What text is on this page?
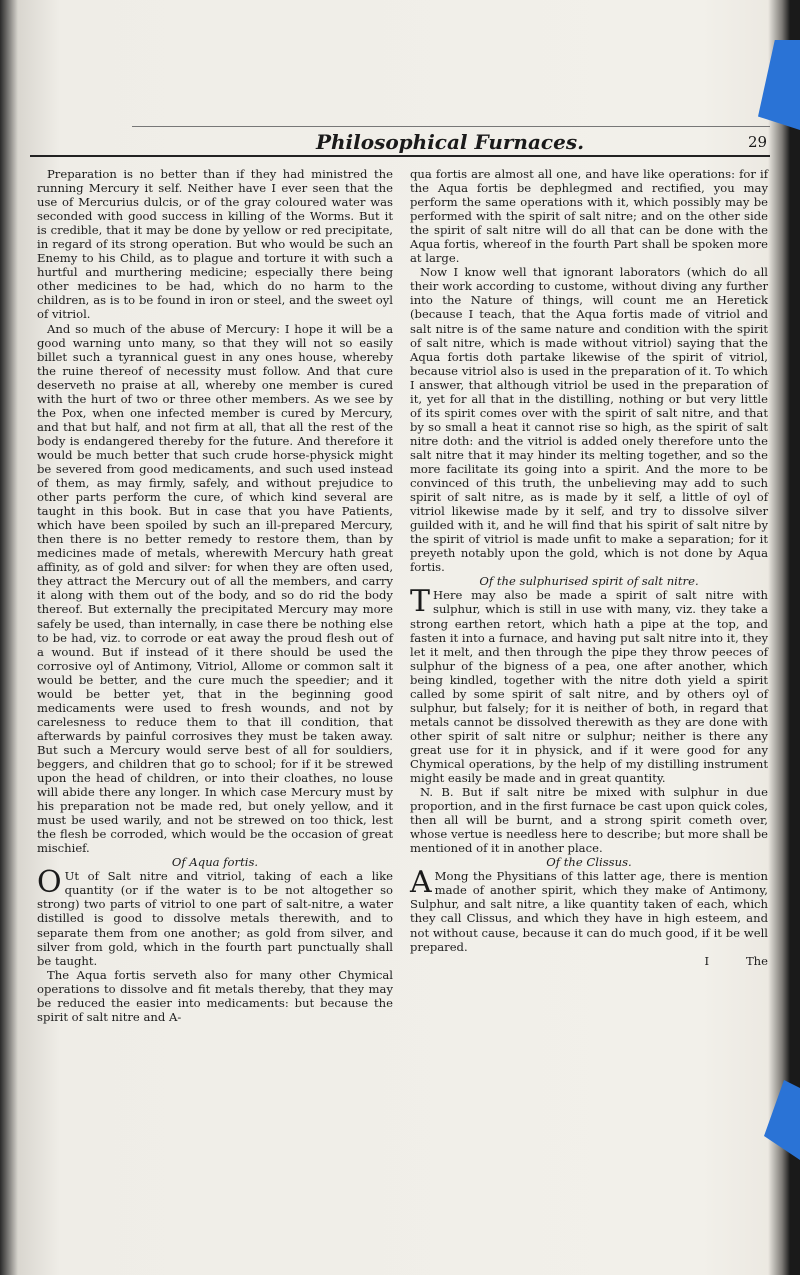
Philosophical Furnaces.	29

Preparation is no better than if they had ministred the running Mercury it self. Neither have I ever seen that the use of Mercurius dulcis, or of the gray coloured water was seconded with good success in killing of the Worms. But it is credible, that it may be done by yellow or red precipitate, in regard of its strong operation. But who would be such an Enemy to his Child, as to plague and torture it with such a hurtful and murthering medicine; especially there being other medicines to be had, which do no harm to the children, as is to be found in iron or steel, and the sweet oyl of vitriol.

And so much of the abuse of Mercury: I hope it will be a good warning unto many, so that they will not so easily billet such a tyrannical guest in any ones house, whereby the ruine thereof of necessity must follow. And that cure deserveth no praise at all, whereby one member is cured with the hurt of two or three other members. As we see by the Pox, when one infected member is cured by Mercury, and that but half, and not firm at all, that all the rest of the body is endangered thereby for the future. And therefore it would be much better that such crude horse-physick might be severed from good medicaments, and such used instead of them, as may firmly, safely, and without prejudice to other parts perform the cure, of which kind several are taught in this book. But in case that you have Patients, which have been spoiled by such an ill-prepared Mercury, then there is no better remedy to restore them, than by medicines made of metals, wherewith Mercury hath great affinity, as of gold and silver: for when they are often used, they attract the Mercury out of all the members, and carry it along with them out of the body, and so do rid the body thereof. But externally the precipitated Mercury may more safely be used, than internally, in case there be nothing else to be had, viz. to corrode or eat away the proud flesh out of a wound. But if instead of it there should be used the corrosive oyl of Antimony, Vitriol, Allome or common salt it would be better, and the cure much the speedier; and it would be better yet, that in the beginning good medicaments were used to fresh wounds, and not by carelesness to reduce them to that ill condition, that afterwards by painful corrosives they must be taken away. But such a Mercury would serve best of all for souldiers, beggers, and children that go to school; for if it be strewed upon the head of children, or into their cloathes, no louse will abide there any longer. In which case Mercury must by his preparation not be made red, but onely yellow, and it must be used warily, and not be strewed on too thick, lest the flesh be corroded, which would be the occasion of great mischief.

Of Aqua fortis.

O Ut of Salt nitre and vitriol, taking of each a like quantity (or if the water is to be not altogether so strong) two parts of vitriol to one part of salt-nitre, a water distilled is good to dissolve metals therewith, and to separate them from one another; as gold from silver, and silver from gold, which in the fourth part punctually shall be taught.

The Aqua fortis serveth also for many other Chymical operations to dissolve and fit metals thereby, that they may be reduced the easier into medicaments: but because the spirit of salt nitre and A-

qua fortis are almost all one, and have like operations: for if the Aqua fortis be dephlegmed and rectified, you may perform the same operations with it, which possibly may be performed with the spirit of salt nitre; and on the other side the spirit of salt nitre will do all that can be done with the Aqua fortis, whereof in the fourth Part shall be spoken more at large.

Now I know well that ignorant laborators (which do all their work according to custome, without diving any further into the Nature of things, will count me an Heretick (because I teach, that the Aqua fortis made of vitriol and salt nitre is of the same nature and condition with the spirit of salt nitre, which is made without vitriol) saying that the Aqua fortis doth partake likewise of the spirit of vitriol, because vitriol also is used in the preparation of it. To which I answer, that although vitriol be used in the preparation of it, yet for all that in the distilling, nothing or but very little of its spirit comes over with the spirit of salt nitre, and that by so small a heat it cannot rise so high, as the spirit of salt nitre doth: and the vitriol is added onely therefore unto the salt nitre that it may hinder its melting together, and so the more facilitate its going into a spirit. And the more to be convinced of this truth, the unbelieving may add to such spirit of salt nitre, as is made by it self, a little of oyl of vitriol likewise made by it self, and try to dissolve silver guilded with it, and he will find that his spirit of salt nitre by the spirit of vitriol is made unfit to make a separation; for it preyeth notably upon the gold, which is not done by Aqua fortis.

Of the sulphurised spirit of salt nitre.

T Here may also be made a spirit of salt nitre with sulphur, which is still in use with many, viz. they take a strong earthen retort, which hath a pipe at the top, and fasten it into a furnace, and having put salt nitre into it, they let it melt, and then through the pipe they throw peeces of sulphur of the bigness of a pea, one after another, which being kindled, together with the nitre doth yield a spirit called by some spirit of salt nitre, and by others oyl of sulphur, but falsely; for it is neither of both, in regard that metals cannot be dissolved therewith as they are done with other spirit of salt nitre or sulphur; neither is there any great use for it in physick, and if it were good for any Chymical operations, by the help of my distilling instrument might easily be made and in great quantity.

N. B. But if salt nitre be mixed with sulphur in due proportion, and in the first furnace be cast upon quick coles, then all will be burnt, and a strong spirit cometh over, whose vertue is needless here to describe; but more shall be mentioned of it in another place.

Of the Clissus.

A Mong the Physitians of this latter age, there is mention made of another spirit, which they make of Antimony, Sulphur, and salt nitre, a like quantity taken of each, which they call Clissus, and which they have in high esteem, and not without cause, because it can do much good, if it be well prepared.

I	The
